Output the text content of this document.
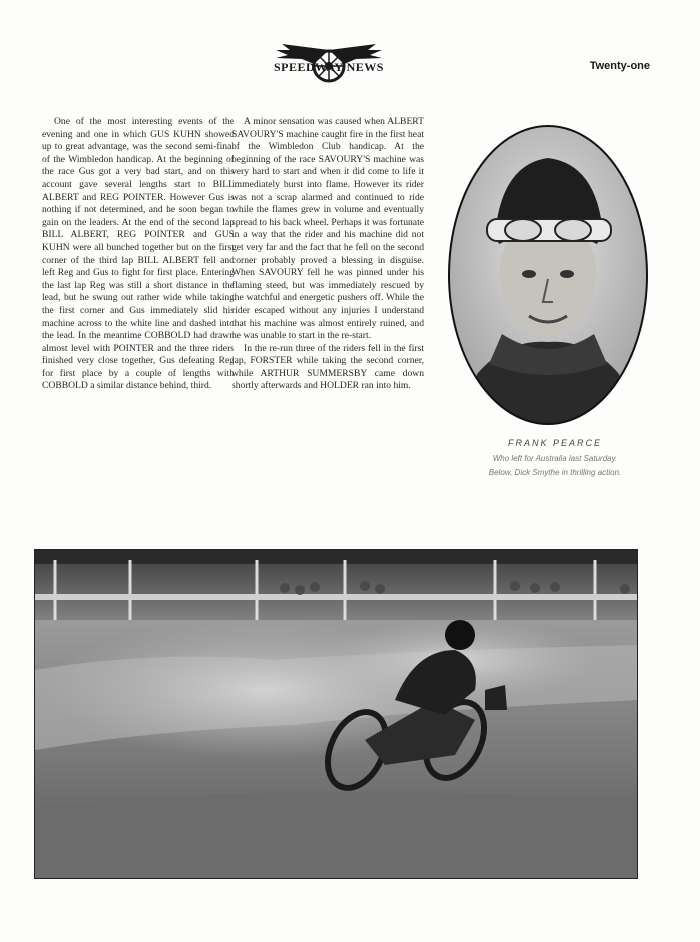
SPEEDWAY NEWS	Twenty-one

One of the most interesting events of the evening and one in which GUS KUHN showed up to great advantage, was the second semi-final of the Wimbledon handicap. At the beginning of the race Gus got a very bad start, and on this account gave several lengths start to BILL ALBERT and REG POINTER. However Gus is nothing if not determined, and he soon began to gain on the leaders. At the end of the second lap BILL ALBERT, REG POINTER and GUS KUHN were all bunched together but on the first corner of the third lap BILL ALBERT fell and left Reg and Gus to fight for first place. Entering the last lap Reg was still a short distance in the lead, but he swung out rather wide while taking the first corner and Gus immediately slid his machine across to the white line and dashed into the lead. In the meantime COBBOLD had drawn almost level with POINTER and the three riders finished very close together, Gus defeating Reg for first place by a couple of lengths with COBBOLD a similar distance behind, third.

A minor sensation was caused when ALBERT SAVOURY'S machine caught fire in the first heat of the Wimbledon Club handicap. At the beginning of the race SAVOURY'S machine was very hard to start and when it did come to life it immediately burst into flame. However its rider was not a scrap alarmed and continued to ride while the flames grew in volume and eventually spread to his back wheel. Perhaps it was fortunate in a way that the rider and his machine did not get very far and the fact that he fell on the second corner probably proved a blessing in disguise. When SAVOURY fell he was pinned under his flaming steed, but was immediately rescued by the watchful and energetic pushers off. While the rider escaped without any injuries I understand that his machine was almost entirely ruined, and he was unable to start in the re-start.

In the re-run three of the riders fell in the first lap, FORSTER while taking the second corner, while ARTHUR SUMMERSBY came down shortly afterwards and HOLDER ran into him.

FRANK PEARCE
Who left for Australia last Saturday.
Below, Dick Smythe in thrilling action.
